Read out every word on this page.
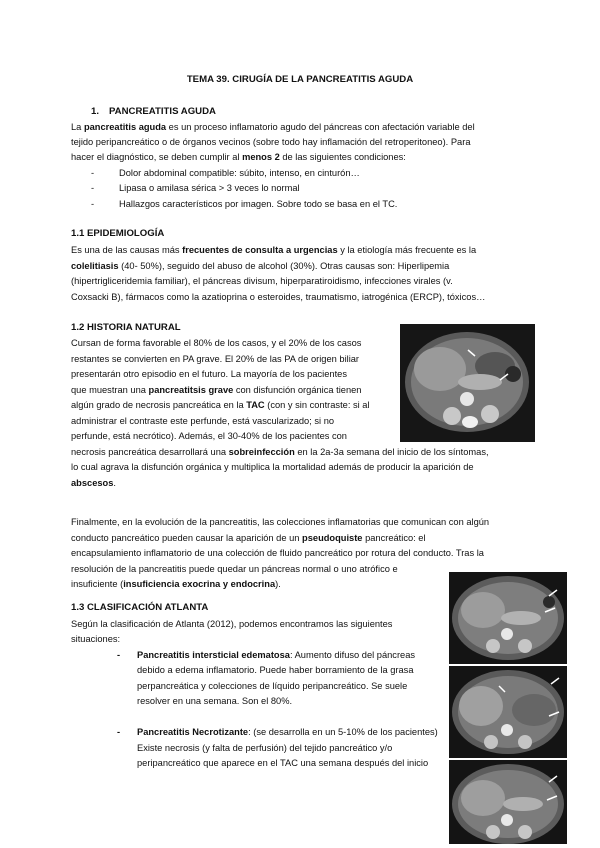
TEMA 39. CIRUGÍA DE LA PANCREATITIS AGUDA
1. PANCREATITIS AGUDA
La pancreatitis aguda es un proceso inflamatorio agudo del páncreas con afectación variable del
tejido peripancreático o de órganos vecinos (sobre todo hay inflamación del retroperitoneo). Para
hacer el diagnóstico, se deben cumplir al menos 2 de las siguientes condiciones:
-	Dolor abdominal compatible: súbito, intenso, en cinturón…
-	Lipasa o amilasa sérica > 3 veces lo normal
-	Hallazgos característicos por imagen. Sobre todo se basa en el TC.
1.1 EPIDEMIOLOGÍA
Es una de las causas más frecuentes de consulta a urgencias y la etiología más frecuente es la
colelitiasis (40- 50%), seguido del abuso de alcohol (30%). Otras causas son: Hiperlipemia
(hipertrigliceridemia familiar), el páncreas divisum, hiperparatiroidismo, infecciones virales (v.
Coxsacki B), fármacos como la azatioprina o esteroides, traumatismo, iatrogénica (ERCP), tóxicos…
1.2 HISTORIA NATURAL
Cursan de forma favorable el 80% de los casos, y el 20% de los casos
restantes se convierten en PA grave. El 20% de las PA de origen biliar
presentarán otro episodio en el futuro. La mayoría de los pacientes
que muestran una pancreatitsis grave con disfunción orgánica tienen
algún grado de necrosis pancreática en la TAC (con y sin contraste: si al
administrar el contraste este perfunde, está vascularizado; si no
perfunde, está necrótico). Además, el 30-40% de los pacientes con
necrosis pancreática desarrollará una sobreinfección en la 2a-3a semana del inicio de los síntomas,
lo cual agrava la disfunción orgánica y multiplica la mortalidad además de producir la aparición de
abscesos.
Finalmente, en la evolución de la pancreatitis, las colecciones inflamatorias que comunican con algún
conducto pancreático pueden causar la aparición de un pseudoquiste pancreático: el
encapsulamiento inflamatorio de una colección de fluido pancreático por rotura del conducto. Tras la
resolución de la pancreatitis puede quedar un páncreas normal o uno atrófico e
insuficiente (insuficiencia exocrina y endocrina).
1.3 CLASIFICACIÓN ATLANTA
Según la clasificación de Atlanta (2012), podemos encontramos las siguientes
situaciones:
- Pancreatitis intersticial edematosa: Aumento difuso del páncreas
debido a edema inflamatorio. Puede haber borramiento de la grasa
perpancreática y colecciones de líquido peripancreático. Se suele
resolver en una semana. Son el 80%.
- Pancreatitis Necrotizante: (se desarrolla en un 5-10% de los pacientes)
Existe necrosis (y falta de perfusión) del tejido pancreático y/o
peripancreático que aparece en el TAC una semana después del inicio
